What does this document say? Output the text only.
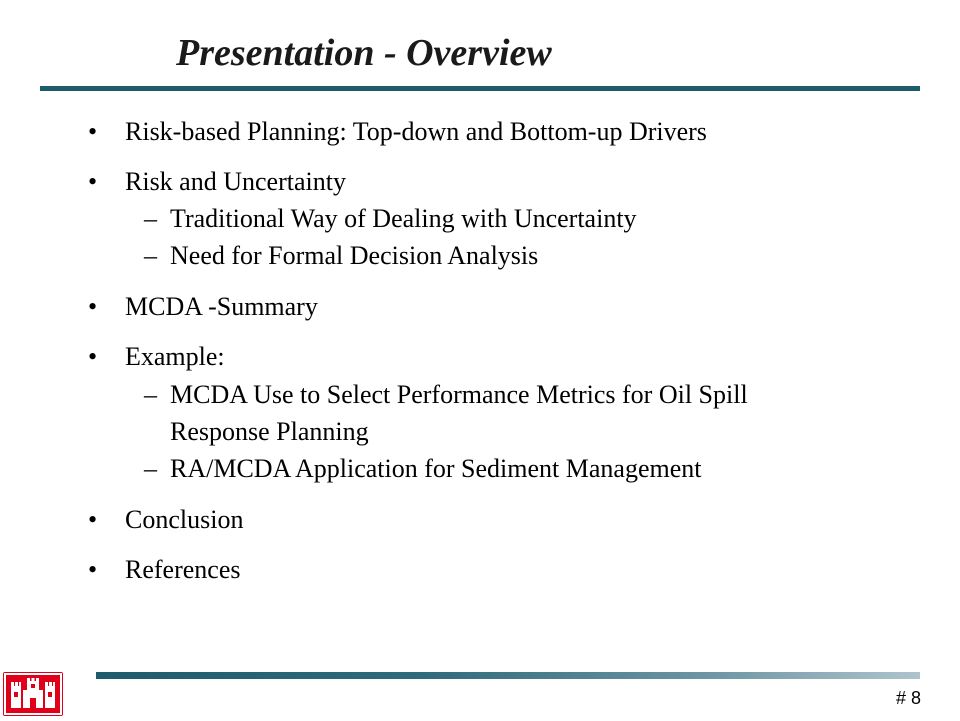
Presentation - Overview
• Risk-based Planning: Top-down and Bottom-up Drivers
• Risk and Uncertainty
– Traditional Way of Dealing with Uncertainty
– Need for Formal Decision Analysis
• MCDA -Summary
• Example:
– MCDA Use to Select Performance Metrics for Oil Spill
Response Planning
– RA/MCDA Application for Sediment Management
• Conclusion
• References
# 8
